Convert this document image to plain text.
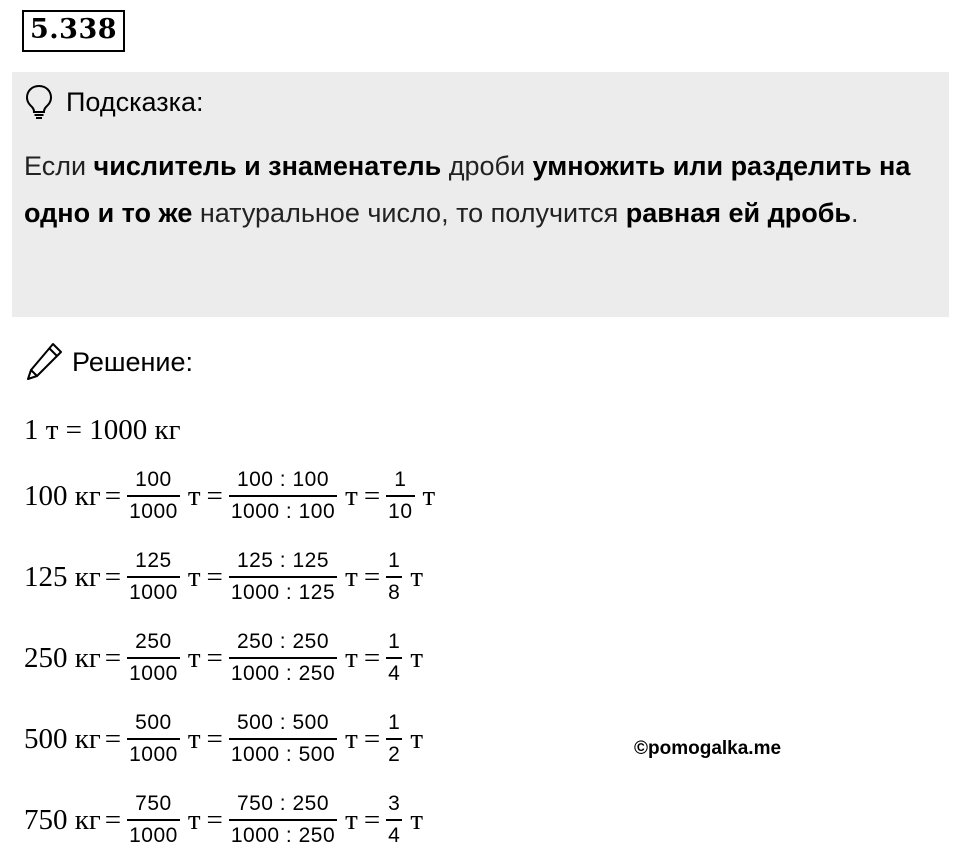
5.338
Подсказка:
Если числитель и знаменатель дроби умножить или разделить на одно и то же натуральное число, то получится равная ей дробь.
Решение:
1 т = 1000 кг
100 кг = $\frac{100}{1000}$ $т = \frac{100 : 100}{1000 : 100}$ $т = \frac{1}{10}$ т
125 кг = $\frac{125}{1000}$ $т = \frac{125 : 125}{1000 : 125}$ $т = \frac{1}{8}$ т
250 кг = $\frac{250}{1000}$ $т = \frac{250 : 250}{1000 : 250}$ $т = \frac{1}{4}$ т
500 кг = $\frac{500}{1000}$ $т = \frac{500 : 500}{1000 : 500}$ $т = \frac{1}{2}$ т
750 кг = $\frac{750}{1000}$ $т = \frac{750 : 250}{1000 : 250}$ $т = \frac{3}{4}$ т
©pomogalka.me
